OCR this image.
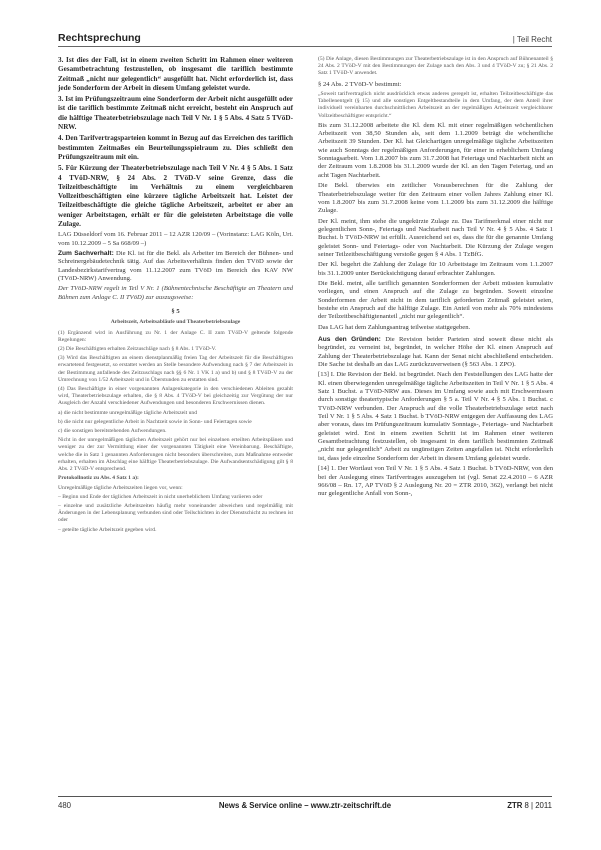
Rechtsprechung	| Teil Recht

3. Ist dies der Fall, ist in einem zweiten Schritt im Rahmen einer weiteren Gesamtbetrachtung festzustellen, ob insgesamt die tariflich bestimmte Zeitmaß „nicht nur gelegentlich“ ausgefüllt hat. Nicht erforderlich ist, dass jede Sonderform der Arbeit in diesem Umfang geleistet wurde.

3. Ist im Prüfungszeitraum eine Sonderform der Arbeit nicht ausgefüllt oder ist die tariflich bestimmte Zeitmaß nicht erreicht, besteht ein Anspruch auf die hälftige Theaterbetriebszulage nach Teil V Nr. 1 § 5 Abs. 4 Satz 5 TVöD-NRW.

4. Den Tarifvertragsparteien kommt in Bezug auf das Erreichen des tariflich bestimmten Zeitmaßes ein Beurteilungsspielraum zu. Dies schließt den Prüfungszeitraum mit ein.

5. Für Kürzung der Theaterbetriebszulage nach Teil V Nr. 4 § 5 Abs. 1 Satz 4 TVöD-NRW, § 24 Abs. 2 TVöD-V seine Grenze, dass die Teilzeitbeschäftigte im Verhältnis zu einem vergleichbaren Vollzeitbeschäftigten eine kürzere tägliche Arbeitszeit hat. Leistet der Teilzeitbeschäftigte die gleiche tägliche Arbeitszeit, arbeitet er aber an weniger Arbeitstagen, erhält er für die geleisteten Arbeitstage die volle Zulage.

LAG Düsseldorf vom 16. Februar 2011 – 12 AZR 120/09 – (Vorinstanz: LAG Köln, Urt. vom 10.12.2009 – 5 Sa 668/09 –)

Zum Sachverhalt: Die Kl. ist für die Bekl. als Arbeiter im Bereich der Bühnen- und Schreinergebäudetechnik tätig. Auf das Arbeitsverhältnis finden den TVöD sowie der Landesbezirkstarifvertrag vom 11.12.2007 zum TVöD im Bereich des KAV NW (TVöD-NRW) Anwendung.

Der TVöD-NRW regelt in Teil V Nr. 1 (Bühnentechnische Beschäftigte an Theatern und Bühnen zum Anlage C. II TVöD) zur auszugsweise:

§ 5
Arbeitszeit, Arbeitsabläufe und Theaterbetriebszulage

(1) Ergänzend wird in Ausführung zu Nr. 1 der Anlage C. II zum TVöD-V geltende folgende Regelungen:

(2) Die Beschäftigten erhalten Zeitzuschläge nach § 8 Abs. 1 TVöD-V.

(3) Wird das Beschäftigten an einem dienstplanmäßig freien Tag der Arbeitszeit für die Beschäftigten erwartetend festgesetzt, so erstattet werden an Stelle besondere Aufwendung nach § 7 der Arbeitszeit in der Bestimmung anfallende des Zeitzuschlags nach §§ 6 Nr. 1 VK 1 a) und b) und § 8 TVöD-V zu der Umrechnung von 1/52 Arbeitszeit und in Überstunden zu erstatten sind.

(4) Das Beschäftigte in einer vorgenannten Anlagenkategorie in den verschiedenen Ableiten gezahlt wird, Theaterbetriebszulage erhalten, die § 8 Abs. 4 TVöD-V bei gleichzeitig zur Vergütung der nur Ausgleich der Anzahl verschiedener Aufwendungen und besonderen Erschwernissen dienen.

a) die nicht bestimmte unregelmäßige tägliche Arbeitszeit und

b) die nicht nur gelegentliche Arbeit in Nachtzeit sowie in Sonn- und Feiertagen sowie

c) die sonstigen bereitstehenden Aufwendungen.

Nicht in der unregelmäßigen täglichen Arbeitszeit gehört nur bei einzelnen erteilten Arbeitsplänen und weniger zu der zur Vermittlung einer der vorgenannten Tätigkeit eine Vereinbarung. Beschäftigte, welche die in Satz 1 genannten Anforderungen nicht besonders überschreiten, zum Maßnahme entweder erhalten, erhalten im Abschlag eine hälftige Theaterbetriebszulage. Die Aufwandsentschädigung gilt § 8 Abs. 2 TVöD-V entsprechend.

Protokollnotiz zu Abs. 4 Satz 1 a):

Unregelmäßige tägliche Arbeitszeiten liegen vor, wenn:

– Beginn und Ende der täglichen Arbeitszeit in nicht unerheblichem Umfang variieren oder

– einzelne und zusätzliche Arbeitszeiten häufig mehr voneinander abweichen und regelmäßig mit Änderungen in der Lebensplanung verbunden sind oder Teilschichten in der Dienstschicht zu rechnen ist oder

– geteilte tägliche Arbeitszeit gegeben wird.

(5) Die Anlage, diesen Bestimmungen zur Theaterbetriebszulage ist in den Anspruch auf Bühnenanteil § 24 Abs. 2 TVöD-V mit den Bestimmungen der Zulage nach den Abs. 3 und 4 TVöD-V zu; § 21 Abs. 2 Satz 1 TVöD-V anwendet.

§ 24 Abs. 2 TVöD-V bestimmt:

„Soweit tarifvertraglich nicht ausdrücklich etwas anderes geregelt ist, erhalten Teilzeitbeschäftigte das Tabellenentgelt (§ 15) und alle sonstigen Entgeltbestandteile in dem Umfang, der dem Anteil ihrer individuell vereinbarten durchschnittlichen Arbeitszeit an der regelmäßigen Arbeitszeit vergleichbarer Vollzeitbeschäftigter entspricht.“

Bis zum 31.12.2008 arbeitete die Kl. dem Kl. mit einer regelmäßigen wöchentlichen Arbeitszeit von 38,50 Stunden als, seit dem 1.1.2009 beträgt die wöchentliche Arbeitszeit 39 Stunden. Der Kl. hat Gleichartigen unregelmäßige tägliche Arbeitszeiten wie auch Sonntags der regelmäßigen Anforderungen, für einer in erheblichem Umfang Sonntagsarbeit. Vom 1.8.2007 bis zum 31.7.2008 hat Feiertags und Nachtarbeit nicht an der Zeitraum vom 1.8.2008 bis 31.1.2009 wurde der Kl. an den Tagen Feiertag, und an acht Tagen Nachtarbeit.

Die Bekl. überwies ein zeitlicher Vorausberechnen für die Zahlung der Theaterbetriebszulage weiter für den Zeitraum einer vollen Jahres Zahlung einer Kl. vom 1.8.2007 bis zum 31.7.2008 keine vom 1.1.2009 bis zum 31.12.2009 die hälftige Zulage.

Der Kl. meint, ihm stehe die ungekürzte Zulage zu. Das Tarifmerkmal einer nicht nur gelegentlichen Sonn-, Feiertags und Nachtarbeit nach Teil V Nr. 4 § 5 Abs. 4 Satz 1 Buchst. b TVöD-NRW ist erfüllt. Ausreichend sei es, dass die für die genannte Umfang geleistet Sonn- und Feiertags- oder von Nachtarbeit. Die Kürzung der Zulage wegen seiner Teilzeitbeschäftigung verstoße gegen § 4 Abs. 1 TzBfG.

Der Kl. begehrt die Zahlung der Zulage für 10 Arbeitstage im Zeitraum vom 1.1.2007 bis 31.1.2009 unter Berücksichtigung darauf erbrachter Zahlungen.

Die Bekl. meint, alle tariflich genannten Sonderformen der Arbeit müssten kumulativ vorliegen, und einen Anspruch auf die Zulage zu begründen. Soweit einzelne Sonderformen der Arbeit nicht in dem tariflich geforderten Zeitmaß geleistet seien, bestehe ein Anspruch auf die hälftige Zulage. Ein Anteil von mehr als 70% mindestens der Teilzeitbeschäftigtenanteil „nicht nur gelegentlich“.

Das LAG hat dem Zahlungsantrag teilweise stattgegeben.

Aus den Gründen: Die Revision beider Parteien sind soweit diese nicht als begründet, zu verneint ist, begründet, in welcher Höhe der Kl. einen Anspruch auf Zahlung der Theaterbetriebszulage hat. Kann der Senat nicht abschließend entscheiden. Die Sache ist deshalb an das LAG zurückzuverweisen (§ 563 Abs. 1 ZPO).

[13] I. Die Revision der Bekl. ist begründet. Nach den Feststellungen des LAG hatte der Kl. einen überwiegenden unregelmäßige tägliche Arbeitszeiten in Teil V Nr. 1 § 5 Abs. 4 Satz 1 Buchst. a TVöD-NRW aus. Dieses im Umfang sowie auch mit Erschwernissen durch sonstige theatertypische Anforderungen § 5 a. Teil V Nr. 4 § 5 Abs. 1 Buchst. c TVöD-NRW verbunden. Der Anspruch auf die volle Theaterbetriebszulage setzt nach Teil V Nr. 1 § 5 Abs. 4 Satz 1 Buchst. b TVöD-NRW entgegen der Auffassung des LAG aber voraus, dass im Prüfungszeitraum kumulativ Sonntags-, Feiertags- und Nachtarbeit geleistet wird. Erst in einem zweiten Schritt ist im Rahmen einer weiteren Gesamtbetrachtung festzustellen, ob insgesamt in dem tariflich bestimmten Zeitmaß „nicht nur gelegentlich“ Arbeit zu ungünstigen Zeiten angefallen ist. Nicht erforderlich ist, dass jede einzelne Sonderform der Arbeit in diesem Umfang geleistet wurde.

[14] 1. Der Wortlaut von Teil V Nr. 1 § 5 Abs. 4 Satz 1 Buchst. b TVöD-NRW, von den bei der Auslegung eines Tarifvertrages auszugehen ist (vgl. Senat 22.4.2010 – 6 AZR 966/08 – Rn. 17, AP TVöD § 2 Auslegung Nr. 20 = ZTR 2010, 362), verlangt bei nicht nur gelegentliche Anfall von Sonn-,

480	News & Service online – www.ztr-zeitschrift.de	ZTR 8 | 2011
